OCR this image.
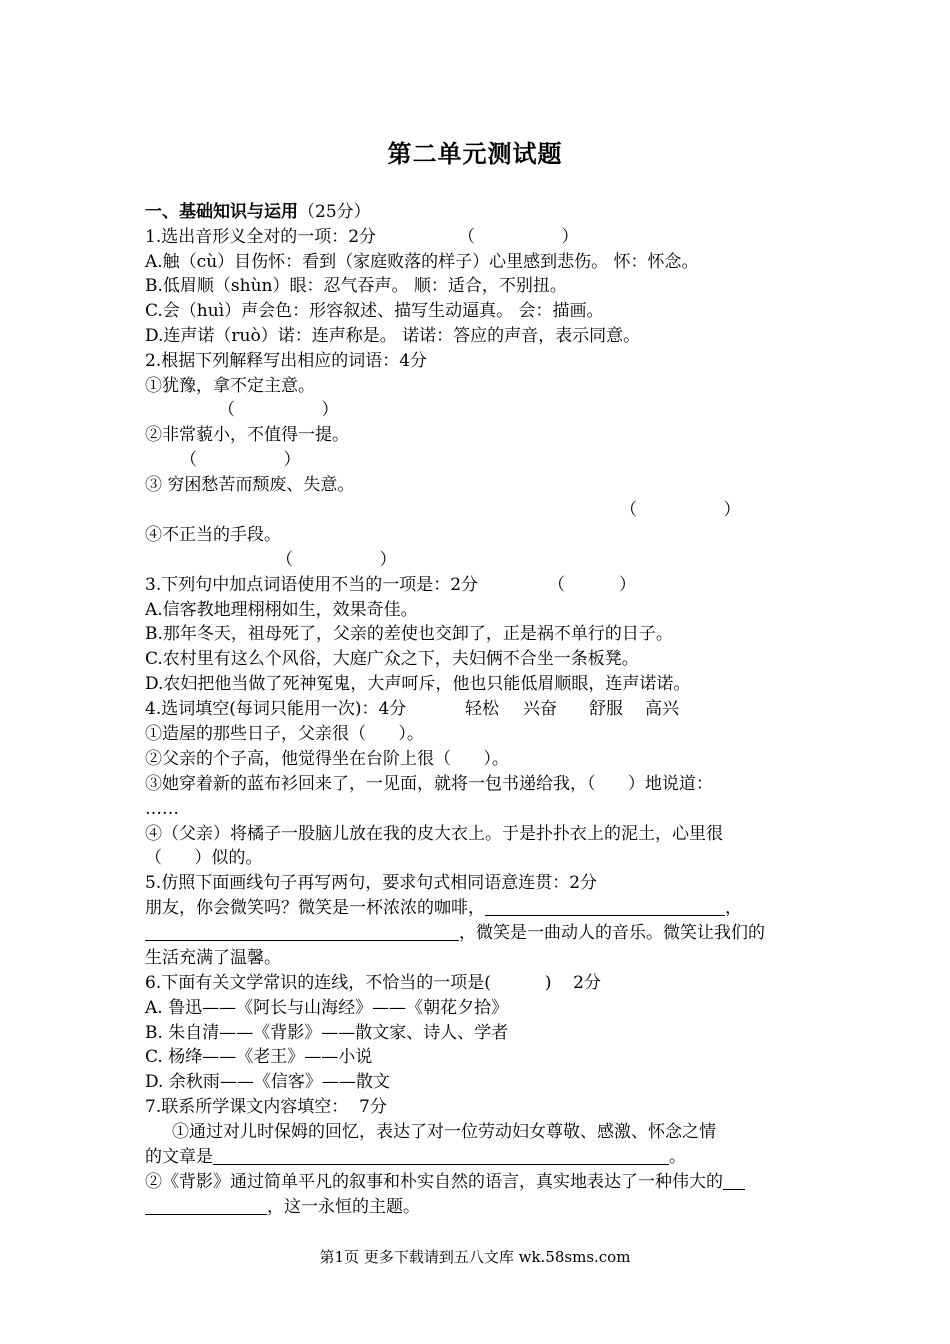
第二单元测试题
一、基础知识与运用（25分）
1.选出音形义全对的一项：2分	（                ）
A.触（cù）目伤怀：看到（家庭败落的样子）心里感到悲伤。 怀：怀念。
B.低眉顺（shùn）眼：忍气吞声。 顺：适合，不别扭。
C.会（huì）声会色：形容叙述、描写生动逼真。 会：描画。
D.连声诺（ruò）诺：连声称是。 诺诺：答应的声音，表示同意。
2.根据下列解释写出相应的词语：4分
①犹豫，拿不定主意。
（                ）
②非常藐小，不值得一提。
（                ）
③ 穷困愁苦而颓废、失意。
（                ）
④不正当的手段。
（                ）
3.下列句中加点词语使用不当的一项是：2分	（          ）
A.信客教地理栩栩如生，效果奇佳。
B.那年冬天，祖母死了，父亲的差使也交卸了，正是祸不单行的日子。
C.农村里有这么个风俗，大庭广众之下，夫妇俩不合坐一条板凳。
D.农妇把他当做了死神冤鬼，大声呵斥，他也只能低眉顺眼，连声诺诺。
4.选词填空(每词只能用一次)：4分	轻松 兴奋 舒服 高兴
①造屋的那些日子，父亲很（      ）。
②父亲的个子高，他觉得坐在台阶上很（      ）。
③她穿着新的蓝布衫回来了，一见面，就将一包书递给我，（      ）地说道：
……
④（父亲）将橘子一股脑儿放在我的皮大衣上。于是扑扑衣上的泥土，心里很
（      ）似的。
5.仿照下面画线句子再写两句，要求句式相同语意连贯：2分
朋友，你会微笑吗？微笑是一杯浓浓的咖啡，	，
，微笑是一曲动人的音乐。微笑让我们的
生活充满了温馨。
6.下面有关文学常识的连线，不恰当的一项是(          )    2分
A. 鲁迅——《阿长与山海经》——《朝花夕拾》
B. 朱自清——《背影》——散文家、诗人、学者
C. 杨绛——《老王》——小说
D. 余秋雨——《信客》——散文
7.联系所学课文内容填空：  7分
①通过对儿时保姆的回忆，表达了对一位劳动妇女尊敬、感激、怀念之情
的文章是	。
②《背影》通过简单平凡的叙事和朴实自然的语言，真实地表达了一种伟大的
，这一永恒的主题。
第1页 更多下载请到五八文库 wk.58sms.com
